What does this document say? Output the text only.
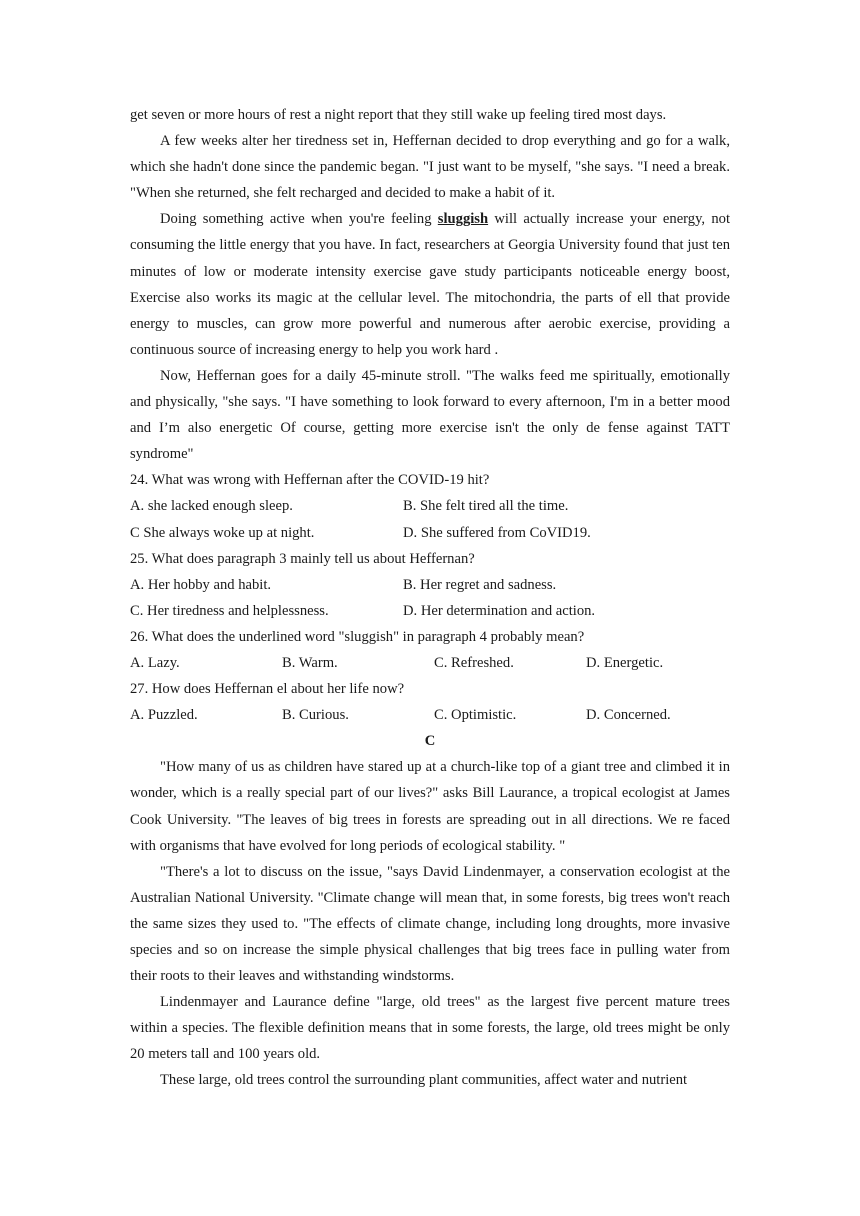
get seven or more hours of rest a night report that they still wake up feeling tired most days.

A few weeks alter her tiredness set in, Heffernan decided to drop everything and go for a walk, which she hadn't done since the pandemic began. "I just want to be myself, "she says. "I need a break. "When she returned, she felt recharged and decided to make a habit of it.

Doing something active when you're feeling sluggish will actually increase your energy, not consuming the little energy that you have. In fact, researchers at Georgia University found that just ten minutes of low or moderate intensity exercise gave study participants noticeable energy boost, Exercise also works its magic at the cellular level. The mitochondria, the parts of ell that provide energy to muscles, can grow more powerful and numerous after aerobic exercise, providing a continuous source of increasing energy to help you work hard .

Now, Heffernan goes for a daily 45-minute stroll. "The walks feed me spiritually, emotionally and physically, "she says. "I have something to look forward to every afternoon, I'm in a better mood and I’m also energetic Of course, getting more exercise isn't the only de fense against TATT syndrome"

24. What was wrong with Heffernan after the COVID-19 hit?
A. she lacked enough sleep.	B. She felt tired all the time.
C She always woke up at night.	D. She suffered from CoVID19.
25. What does paragraph 3 mainly tell us about Heffernan?
A. Her hobby and habit.	B. Her regret and sadness.
C. Her tiredness and helplessness.	D. Her determination and action.
26. What does the underlined word "sluggish" in paragraph 4 probably mean?
A. Lazy.	B. Warm.	C. Refreshed.	D. Energetic.
27. How does Heffernan el about her life now?
A. Puzzled.	B. Curious.	C. Optimistic.	D. Concerned.
C

"How many of us as children have stared up at a church-like top of a giant tree and climbed it in wonder, which is a really special part of our lives?" asks Bill Laurance, a tropical ecologist at James Cook University. "The leaves of big trees in forests are spreading out in all directions. We re faced with organisms that have evolved for long periods of ecological stability. "

"There's a lot to discuss on the issue, "says David Lindenmayer, a conservation ecologist at the Australian National University. "Climate change will mean that, in some forests, big trees won't reach the same sizes they used to. "The effects of climate change, including long droughts, more invasive species and so on increase the simple physical challenges that big trees face in pulling water from their roots to their leaves and withstanding windstorms.

Lindenmayer and Laurance define "large, old trees" as the largest five percent mature trees within a species. The flexible definition means that in some forests, the large, old trees might be only 20 meters tall and 100 years old.

These large, old trees control the surrounding plant communities, affect water and nutrient
